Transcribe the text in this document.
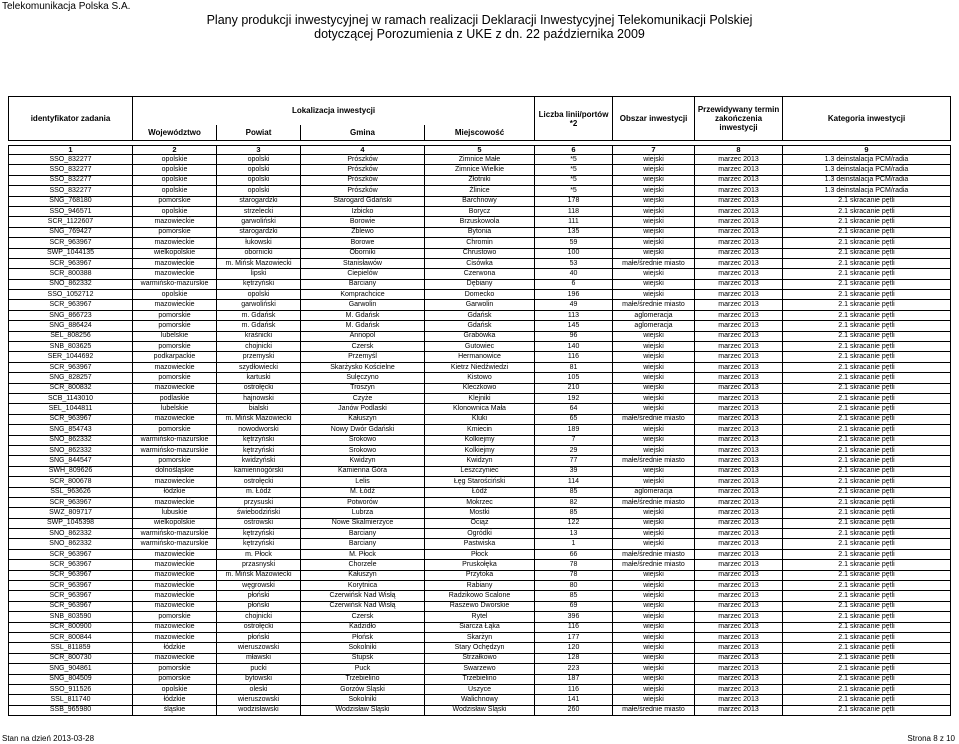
Telekomunikacja Polska S.A.
Plany produkcji inwestycyjnej w ramach realizacji Deklaracji Inwestycyjnej Telekomunikacji Polskiej
dotyczącej Porozumienia z UKE z dn. 22 października 2009
identyfikator zadania	Lokalizacja inwestycji				Liczba linii/portów *2	Obszar inwestycji	Przewidywany termin zakończenia inwestycji	Kategoria inwestycji
	Województwo	Powiat	Gmina	Miejscowość				
1	2	3	4	5	6	7	8	9
SSO_832277	opolskie	opolski	Prószków	Zimnice Małe	*5	wiejski	marzec 2013	1.3 deinstalacja PCM/radia
SSO_832277	opolskie	opolski	Prószków	Zimnice Wielkie	*5	wiejski	marzec 2013	1.3 deinstalacja PCM/radia
SSO_832277	opolskie	opolski	Prószków	Złotniki	*5	wiejski	marzec 2013	1.3 deinstalacja PCM/radia
SSO_832277	opolskie	opolski	Prószków	Źlinice	*5	wiejski	marzec 2013	1.3 deinstalacja PCM/radia
SNG_768180	pomorskie	starogardzki	Starogard Gdański	Barchnowy	178	wiejski	marzec 2013	2.1 skracanie pętli
SSO_946571	opolskie	strzelecki	Izbicko	Borycz	118	wiejski	marzec 2013	2.1 skracanie pętli
SCR_1122607	mazowieckie	garwoliński	Borowie	Brzuskowola	111	wiejski	marzec 2013	2.1 skracanie pętli
SNG_769427	pomorskie	starogardzki	Zblewo	Bytonia	135	wiejski	marzec 2013	2.1 skracanie pętli
SCR_963967	mazowieckie	łukowski	Borowe	Chromin	59	wiejski	marzec 2013	2.1 skracanie pętli
SWP_1044135	wielkopolskie	obornicki	Oborniki	Chrustowo	100	wiejski	marzec 2013	2.1 skracanie pętli
SCR_963967	mazowieckie	m. Mińsk Mazowiecki	Stanisławów	Cisówka	53	małe/średnie miasto	marzec 2013	2.1 skracanie pętli
SCR_800388	mazowieckie	lipski	Ciepielów	Czerwona	40	wiejski	marzec 2013	2.1 skracanie pętli
SNO_862332	warmińsko-mazurskie	kętrzyński	Barciany	Dębiany	6	wiejski	marzec 2013	2.1 skracanie pętli
SSO_1052712	opolskie	opolski	Komprachcice	Domecko	196	wiejski	marzec 2013	2.1 skracanie pętli
SCR_963967	mazowieckie	garwoliński	Garwolin	Garwolin	49	małe/średnie miasto	marzec 2013	2.1 skracanie pętli
SNG_866723	pomorskie	m. Gdańsk	M. Gdańsk	Gdańsk	113	aglomeracja	marzec 2013	2.1 skracanie pętli
SNG_886424	pomorskie	m. Gdańsk	M. Gdańsk	Gdańsk	145	aglomeracja	marzec 2013	2.1 skracanie pętli
SEL_808256	lubelskie	kraśnicki	Annopol	Grabówka	96	wiejski	marzec 2013	2.1 skracanie pętli
SNB_803625	pomorskie	chojnicki	Czersk	Gutowiec	140	wiejski	marzec 2013	2.1 skracanie pętli
SER_1044692	podkarpackie	przemyski	Przemyśl	Hermanowice	116	wiejski	marzec 2013	2.1 skracanie pętli
SCR_963967	mazowieckie	szydłowiecki	Skarżysko Kościelne	Kietrz Niedźwiedzi	81	wiejski	marzec 2013	2.1 skracanie pętli
SNG_828257	pomorskie	kartuski	Sulęczyno	Kistowo	105	wiejski	marzec 2013	2.1 skracanie pętli
SCR_800832	mazowieckie	ostrołęcki	Troszyn	Kleczkowo	210	wiejski	marzec 2013	2.1 skracanie pętli
SCB_1143010	podlaskie	hajnowski	Czyże	Klejniki	192	wiejski	marzec 2013	2.1 skracanie pętli
SEL_1044811	lubelskie	bialski	Janów Podlaski	Klonownica Mała	64	wiejski	marzec 2013	2.1 skracanie pętli
SCR_963967	mazowieckie	m. Mińsk Mazowiecki	Kałuszyn	Kluki	65	małe/średnie miasto	marzec 2013	2.1 skracanie pętli
SNG_854743	pomorskie	nowodworski	Nowy Dwór Gdański	Kmiecin	189	wiejski	marzec 2013	2.1 skracanie pętli
SNO_862332	warmińsko-mazurskie	kętrzyński	Srokowo	Kolkiejmy	7	wiejski	marzec 2013	2.1 skracanie pętli
SNO_862332	warmińsko-mazurskie	kętrzyński	Srokowo	Kolkiejmy	29	wiejski	marzec 2013	2.1 skracanie pętli
SNG_844547	pomorskie	kwidzyński	Kwidzyn	Kwidzyn	77	małe/średnie miasto	marzec 2013	2.1 skracanie pętli
SWH_809626	dolnośląskie	kamiennogórski	Kamienna Góra	Leszczyniec	39	wiejski	marzec 2013	2.1 skracanie pętli
SCR_800678	mazowieckie	ostrołęcki	Lelis	Łęg Starościński	114	wiejski	marzec 2013	2.1 skracanie pętli
SSL_963626	łódzkie	m. Łódź	M. Łódź	Łódź	85	aglomeracja	marzec 2013	2.1 skracanie pętli
SCR_963967	mazowieckie	przysuski	Potworów	Mokrzec	82	małe/średnie miasto	marzec 2013	2.1 skracanie pętli
SWZ_809717	lubuskie	świebodziński	Lubrza	Mostki	85	wiejski	marzec 2013	2.1 skracanie pętli
SWP_1045398	wielkopolskie	ostrowski	Nowe Skalmierzyce	Ociąż	122	wiejski	marzec 2013	2.1 skracanie pętli
SNO_862332	warmińsko-mazurskie	kętrzyński	Barciany	Ogródki	13	wiejski	marzec 2013	2.1 skracanie pętli
SNO_862332	warmińsko-mazurskie	kętrzyński	Barciany	Pastwiska	1	wiejski	marzec 2013	2.1 skracanie pętli
SCR_963967	mazowieckie	m. Płock	M. Płock	Płock	66	małe/średnie miasto	marzec 2013	2.1 skracanie pętli
SCR_963967	mazowieckie	przasnyski	Chorzele	Pruskołęka	78	małe/średnie miasto	marzec 2013	2.1 skracanie pętli
SCR_963967	mazowieckie	m. Mińsk Mazowiecki	Kałuszyn	Przytoka	78	wiejski	marzec 2013	2.1 skracanie pętli
SCR_963967	mazowieckie	węgrowski	Korytnica	Rabiany	80	wiejski	marzec 2013	2.1 skracanie pętli
SCR_963967	mazowieckie	płoński	Czerwińsk Nad Wisłą	Radzikowo Scalone	85	wiejski	marzec 2013	2.1 skracanie pętli
SCR_963967	mazowieckie	płoński	Czerwińsk Nad Wisłą	Raszewo Dworskie	69	wiejski	marzec 2013	2.1 skracanie pętli
SNB_803590	pomorskie	chojnicki	Czersk	Rytel	396	wiejski	marzec 2013	2.1 skracanie pętli
SCR_800900	mazowieckie	ostrołęcki	Kadzidło	Siarcza Łąka	116	wiejski	marzec 2013	2.1 skracanie pętli
SCR_800844	mazowieckie	płoński	Płońsk	Skarżyn	177	wiejski	marzec 2013	2.1 skracanie pętli
SSL_811859	łódzkie	wieruszowski	Sokolniki	Stary Ochędzyn	120	wiejski	marzec 2013	2.1 skracanie pętli
SCR_800730	mazowieckie	mławski	Stupsk	Strzałkowo	128	wiejski	marzec 2013	2.1 skracanie pętli
SNG_904861	pomorskie	pucki	Puck	Swarzewo	223	wiejski	marzec 2013	2.1 skracanie pętli
SNG_804509	pomorskie	bytowski	Trzebielino	Trzebielino	187	wiejski	marzec 2013	2.1 skracanie pętli
SSO_911526	opolskie	oleski	Gorzów Śląski	Uszyce	116	wiejski	marzec 2013	2.1 skracanie pętli
SSL_811740	łódzkie	wieruszowski	Sokolniki	Walichnowy	141	wiejski	marzec 2013	2.1 skracanie pętli
SSB_965980	śląskie	wodzisławski	Wodzisław Śląski	Wodzisław Śląski	260	małe/średnie miasto	marzec 2013	2.1 skracanie pętli
Stan na dzień 2013-03-28	Strona 8 z 10
